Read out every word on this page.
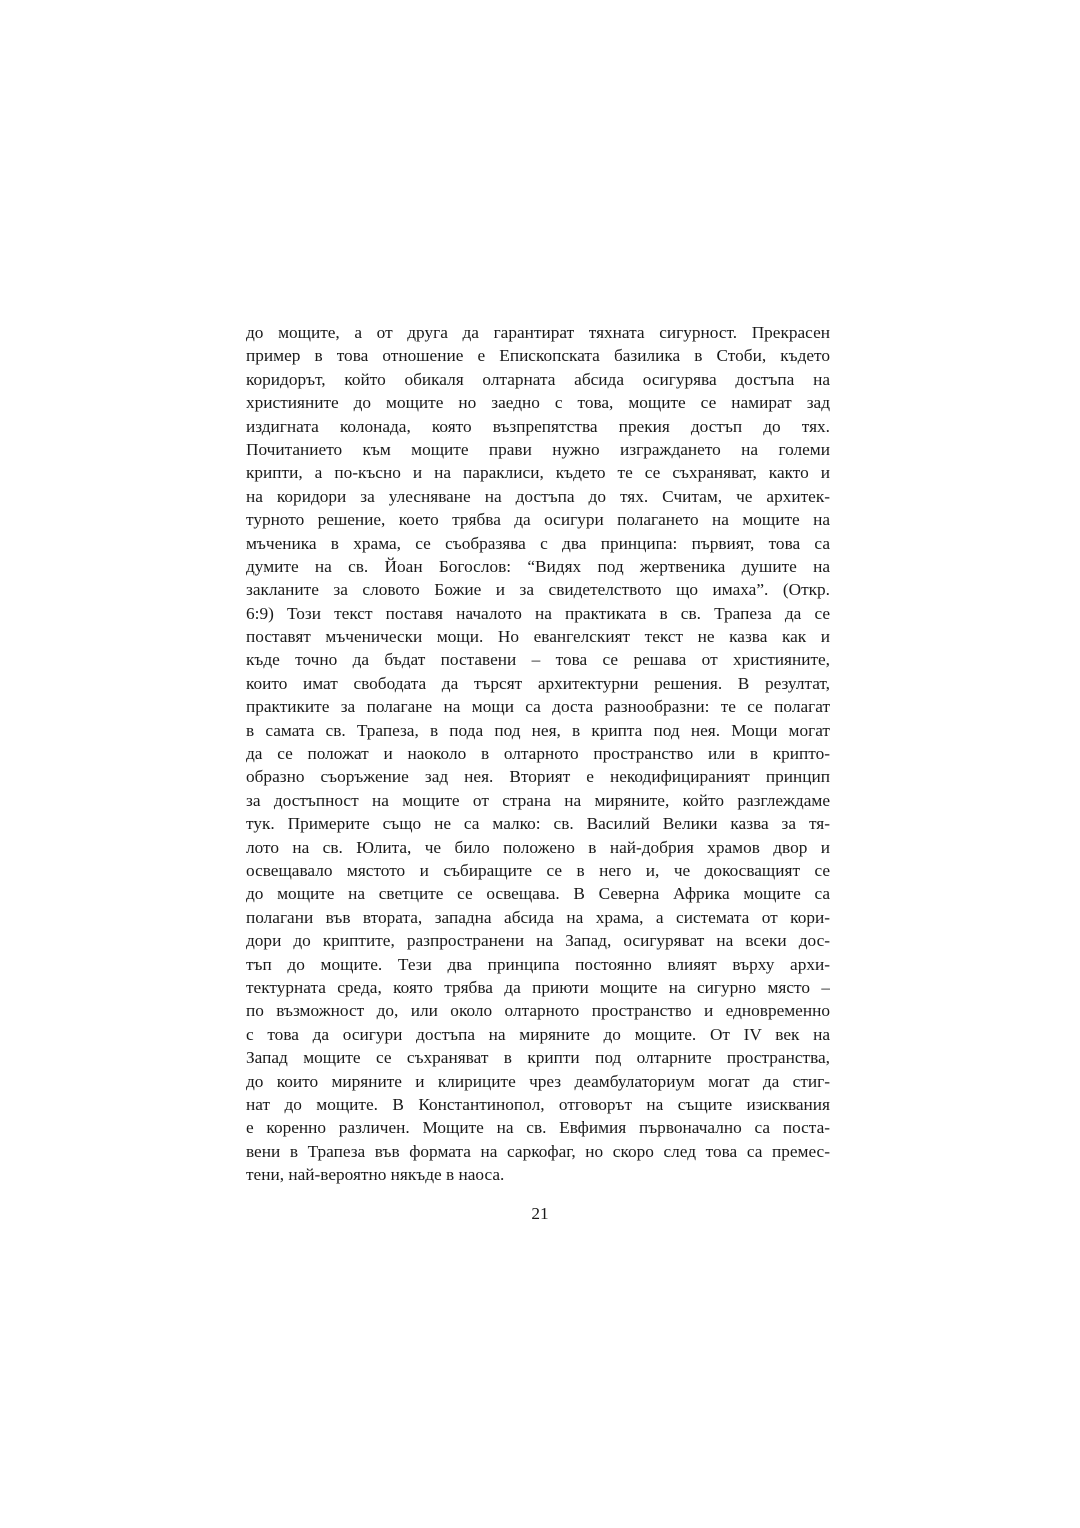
до мощите, а от друга да гарантират тяхната сигурност. Прекрасен
пример в това отношение е Епископската базилика в Стоби, където
коридорът, който обикаля олтарната абсида осигурява достъпа на
християните до мощите но заедно с това, мощите се намират зад
издигната колонада, която възпрепятства прекия достъп до тях.
Почитанието към мощите прави нужно изграждането на големи
крипти, а по-късно и на параклиси, където те се съхраняват, както и
на коридори за улесняване на достъпа до тях. Считам, че архитек-
турното решение, което трябва да осигури полагането на мощите на
мъченика в храма, се съобразява с два принципа: първият, това са
думите на св. Йоан Богослов: “Видях под жертвеника душите на
закланите за словото Божие и за свидетелството що имаха”. (Откр.
6:9) Този текст поставя началото на практиката в св. Трапеза да се
поставят мъченически мощи. Но евангелският текст не казва как и
къде точно да бъдат поставени – това се решава от християните,
които имат свободата да търсят архитектурни решения. В резултат,
практиките за полагане на мощи са доста разнообразни: те се полагат
в самата св. Трапеза, в пода под нея, в крипта под нея. Мощи могат
да се положат и наоколо в олтарното пространство или в крипто-
образно съоръжение зад нея. Вторият е некодифицираният принцип
за достъпност на мощите от страна на миряните, който разглеждаме
тук. Примерите също не са малко: св. Василий Велики казва за тя-
лото на св. Юлита, че било положено в най-добрия храмов двор и
освещавало мястото и събиращите се в него и, че докосващият се
до мощите на светците се освещава. В Северна Африка мощите са
полагани във втората, западна абсида на храма, а системата от кори-
дори до криптите, разпространени на Запад, осигуряват на всеки дос-
тъп до мощите. Тези два принципа постоянно влияят върху архи-
тектурната среда, която трябва да приюти мощите на сигурно място –
по възможност до, или около олтарното пространство и едновременно
с това да осигури достъпа на миряните до мощите. От IV век на
Запад мощите се съхраняват в крипти под олтарните пространства,
до които миряните и клириците чрез деамбулаториум могат да стиг-
нат до мощите. В Константинопол, отговорът на същите изисквания
е коренно различен. Мощите на св. Евфимия първоначално са поста-
вени в Трапеза във формата на саркофаг, но скоро след това са премес-
тени, най-вероятно някъде в наоса.
21
